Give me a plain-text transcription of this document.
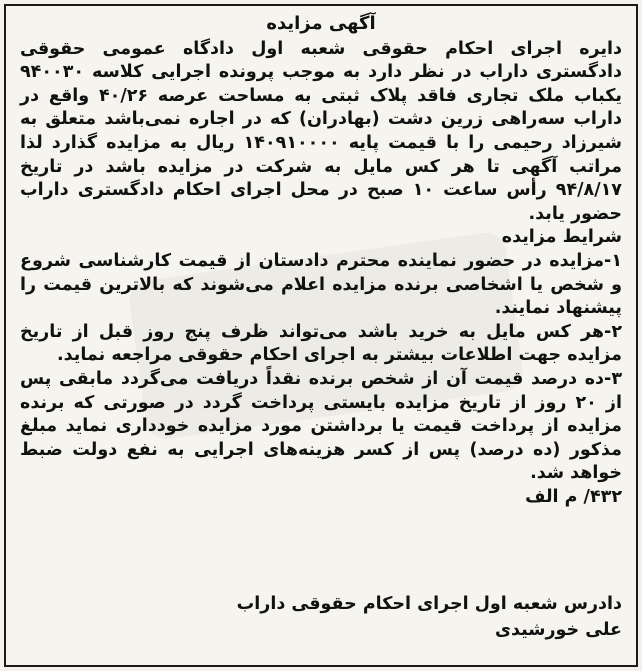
آگهی مزایده

دایره اجرای احکام حقوقی شعبه اول دادگاه عمومی حقوقی دادگستری داراب در نظر دارد به موجب پرونده اجرایی کلاسه ۹۴۰۰۳۰ یکباب ملک تجاری فاقد پلاک ثبتی به مساحت عرصه ۴۰/۲۶ واقع در داراب سه‌راهی زرین دشت (بهادران) که در اجاره نمی‌باشد متعلق به شیرزاد رحیمی را با قیمت پایه ۱۴۰۹۱۰۰۰۰ ریال به مزایده گذارد لذا مراتب آگهی تا هر کس مایل به شرکت در مزایده باشد در تاریخ ۹۴/۸/۱۷ رأس ساعت ۱۰ صبح در محل اجرای احکام دادگستری داراب حضور یابد.

شرایط مزایده

۱-مزایده در حضور نماینده محترم دادستان از قیمت کارشناسی شروع و شخص یا اشخاصی برنده مزایده اعلام می‌شوند که بالاترین قیمت را پیشنهاد نمایند.

۲-هر کس مایل به خرید باشد می‌تواند ظرف پنج روز قبل از تاریخ مزایده جهت اطلاعات بیشتر به اجرای احکام حقوقی مراجعه نماید.

۳-ده درصد قیمت آن از شخص برنده نقداً دریافت می‌گردد مابقی پس از ۲۰ روز از تاریخ مزایده بایستی پرداخت گردد در صورتی که برنده مزایده از پرداخت قیمت یا برداشتن مورد مزایده خودداری نماید مبلغ مذکور (ده درصد) پس از کسر هزینه‌های اجرایی به نفع دولت ضبط خواهد شد.

۴۳۲/ م الف

دادرس شعبه اول اجرای احکام حقوقی داراب
علی خورشیدی
